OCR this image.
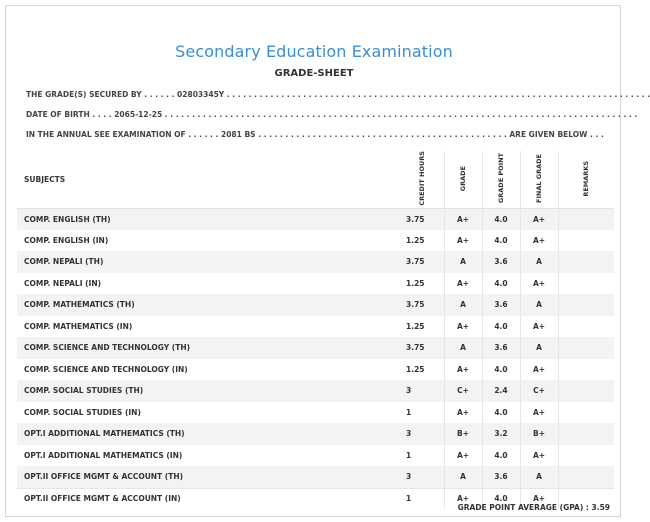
Secondary Education Examination
GRADE-SHEET
THE GRADE(S) SECURED BY . . . . . . 02803345Y . . . . . . . . . . . . . . . . . . . . . . . . . . . . . . . . . . . . . . . . . . . . . . . . . . . . . . . . . . . . . . . . . . . . . . . . . . . . . .
DATE OF BIRTH . . . . 2065-12-25 . . . . . . . . . . . . . . . . . . . . . . . . . . . . . . . . . . . . . . . . . . . . . . . . . . . . . . . . . . . . . . . . . . . . . . . . . . . . . . . . . . . . . . .
IN THE ANNUAL SEE EXAMINATION OF . . . . . . 2081 BS . . . . . . . . . . . . . . . . . . . . . . . . . . . . . . . . . . . . . . . . . . . . . . ARE GIVEN BELOW . . .
SUBJECTS	CREDIT HOURS	GRADE	GRADE POINT	FINAL GRADE	REMARKS
COMP. ENGLISH (TH)	3.75	A+	4.0	A+	
COMP. ENGLISH (IN)	1.25	A+	4.0	A+	
COMP. NEPALI (TH)	3.75	A	3.6	A	
COMP. NEPALI (IN)	1.25	A+	4.0	A+	
COMP. MATHEMATICS (TH)	3.75	A	3.6	A	
COMP. MATHEMATICS (IN)	1.25	A+	4.0	A+	
COMP. SCIENCE AND TECHNOLOGY (TH)	3.75	A	3.6	A	
COMP. SCIENCE AND TECHNOLOGY (IN)	1.25	A+	4.0	A+	
COMP. SOCIAL STUDIES (TH)	3	C+	2.4	C+	
COMP. SOCIAL STUDIES (IN)	1	A+	4.0	A+	
OPT.I ADDITIONAL MATHEMATICS (TH)	3	B+	3.2	B+	
OPT.I ADDITIONAL MATHEMATICS (IN)	1	A+	4.0	A+	
OPT.II OFFICE MGMT & ACCOUNT (TH)	3	A	3.6	A	
OPT.II OFFICE MGMT & ACCOUNT (IN)	1	A+	4.0	A+	
GRADE POINT AVERAGE (GPA) : 3.59
